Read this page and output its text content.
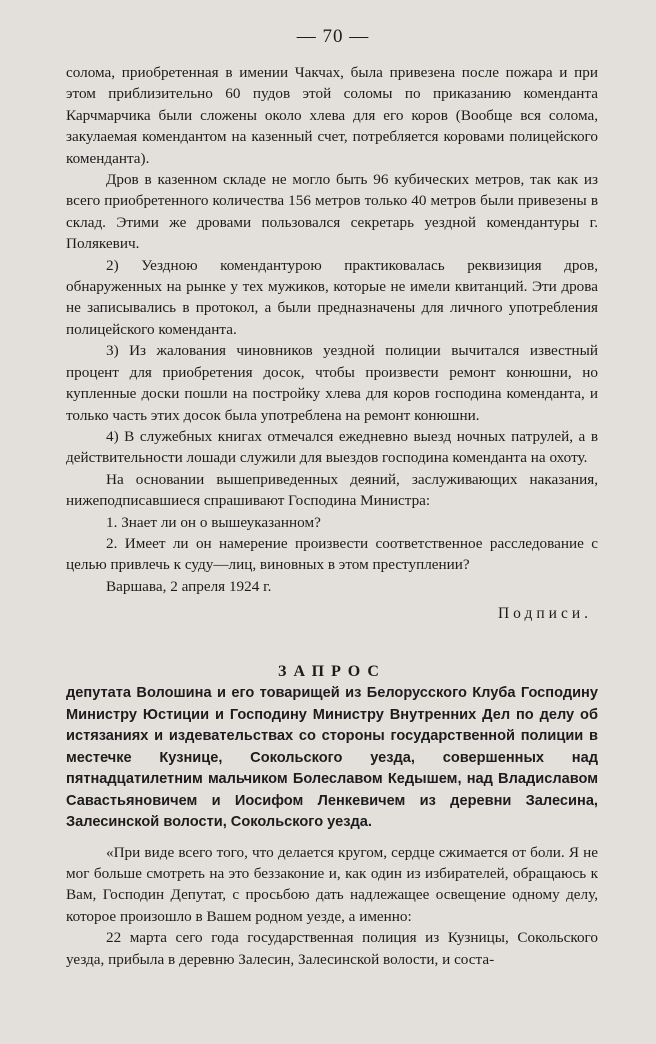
— 70 —

солома, приобретенная в имении Чакчах, была привезена после пожара и при этом приблизительно 60 пудов этой соломы по приказанию коменданта Карчмарчика были сложены около хлева для его коров (Вообще вся солома, закулаемая комендантом на казенный счет, потребляется коровами полицейского коменданта).

Дров в казенном складе не могло быть 96 кубических метров, так как из всего приобретенного количества 156 метров только 40 метров были привезены в склад. Этими же дровами пользовался секретарь уездной комендантуры г. Полякевич.

2) Уездною комендантурою практиковалась реквизиция дров, обнаруженных на рынке у тех мужиков, которые не имели квитанций. Эти дрова не записывались в протокол, а были предназначены для личного употребления полицейского коменданта.

3) Из жалования чиновников уездной полиции вычитался известный процент для приобретения досок, чтобы произвести ремонт конюшни, но купленные доски пошли на постройку хлева для коров господина коменданта, и только часть этих досок была употреблена на ремонт конюшни.

4) В служебных книгах отмечался ежедневно выезд ночных патрулей, а в действительности лошади служили для выездов господина коменданта на охоту.

На основании вышеприведенных деяний, заслуживающих наказания, нижеподписавшиеся спрашивают Господина Министра:

1. Знает ли он о вышеуказанном?

2. Имеет ли он намерение произвести соответственное расследование с целью привлечь к суду—лиц, виновных в этом преступлении?

Варшава, 2 апреля 1924 г.

Подписи.
ЗАПРОС

депутата Волошина и его товарищей из Белорусского Клуба Господину Министру Юстиции и Господину Министру Внутренних Дел по делу об истязаниях и издевательствах со стороны государственной полиции в местечке Кузнице, Сокольского уезда, совершенных над пятнадцатилетним мальчиком Болеславом Кедышем, над Владиславом Савастьяновичем и Иосифом Ленкевичем из деревни Залесина, Залесинской волости, Сокольского уезда.

«При виде всего того, что делается кругом, сердце сжимается от боли. Я не мог больше смотреть на это беззаконие и, как один из избирателей, обращаюсь к Вам, Господин Депутат, с просьбою дать надлежащее освещение одному делу, которое произошло в Вашем родном уезде, а именно:

22 марта сего года государственная полиция из Кузницы, Сокольского уезда, прибыла в деревню Залесин, Залесинской волости, и соста-
